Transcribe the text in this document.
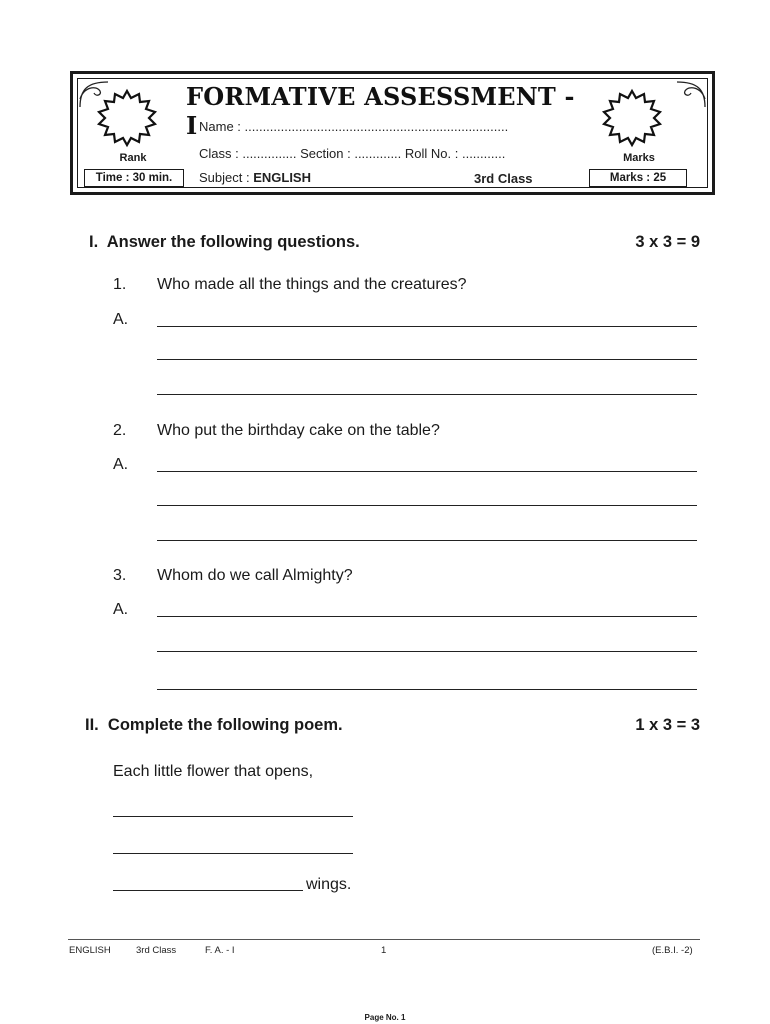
FORMATIVE ASSESSMENT - I Name : .........................................................................
Class : ............... Section : ............. Roll No. : ............
Subject : ENGLISH	3rd Class
Rank
Time : 30 min.
Marks
Marks : 25
I.  Answer the following questions.	3 x 3 = 9
1. Who made all the things and the creatures?
A.
2. Who put the birthday cake on the table?
A.
3. Whom do we call Almighty?
A.
II.  Complete the following poem.	1 x 3 = 3
Each little flower that opens,
wings.
ENGLISH	3rd Class	F. A. - I	1	(E.B.I. -2)
Page No. 1
